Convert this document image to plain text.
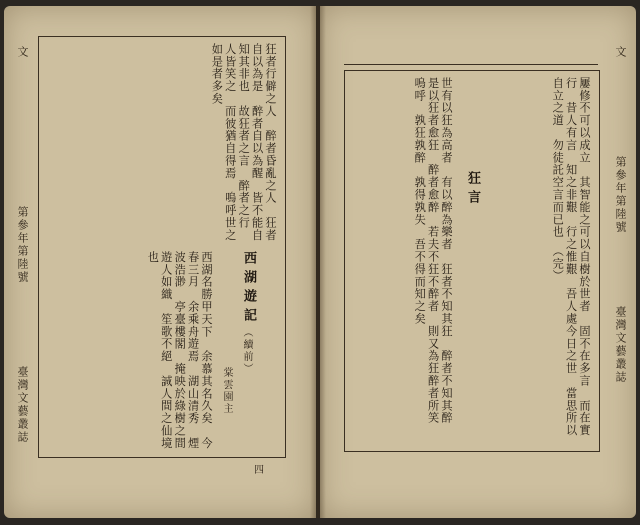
狂者行僻之人　醉者昏亂之人　狂者自以為是　醉者自以為醒　皆不能自知其非也　故狂者之言　醉者之行　人皆笑之　而彼猶自得焉　嗚呼世之如是者多矣　
西湖遊記
（續前）
棠雲園主
西湖名勝甲天下　余慕其名久矣　今春三月　余乘舟遊焉　湖山清秀　煙波浩渺　亭臺樓閣　掩映於綠樹之間　遊人如織　笙歌不絕　誠人間之仙境也　
文
第參年第陸號
臺灣文藝叢誌
四
屢修不可以成立　其智能之可以自樹於世者　固不在多言　而在實行　昔人有言　知之非艱　行之惟艱　吾人處今日之世　當思所以自立之道　勿徒託空言而已也　（完）
狂言
世有以狂為高者　有以醉為樂者　狂者不知其狂　醉者不知其醉　是以狂者愈狂　醉者愈醉　若夫不狂不醉者　則又為狂醉者所笑　嗚呼　孰狂孰醉　孰得孰失　吾不得而知之矣　
文
第參年第陸號
臺灣文藝叢誌
